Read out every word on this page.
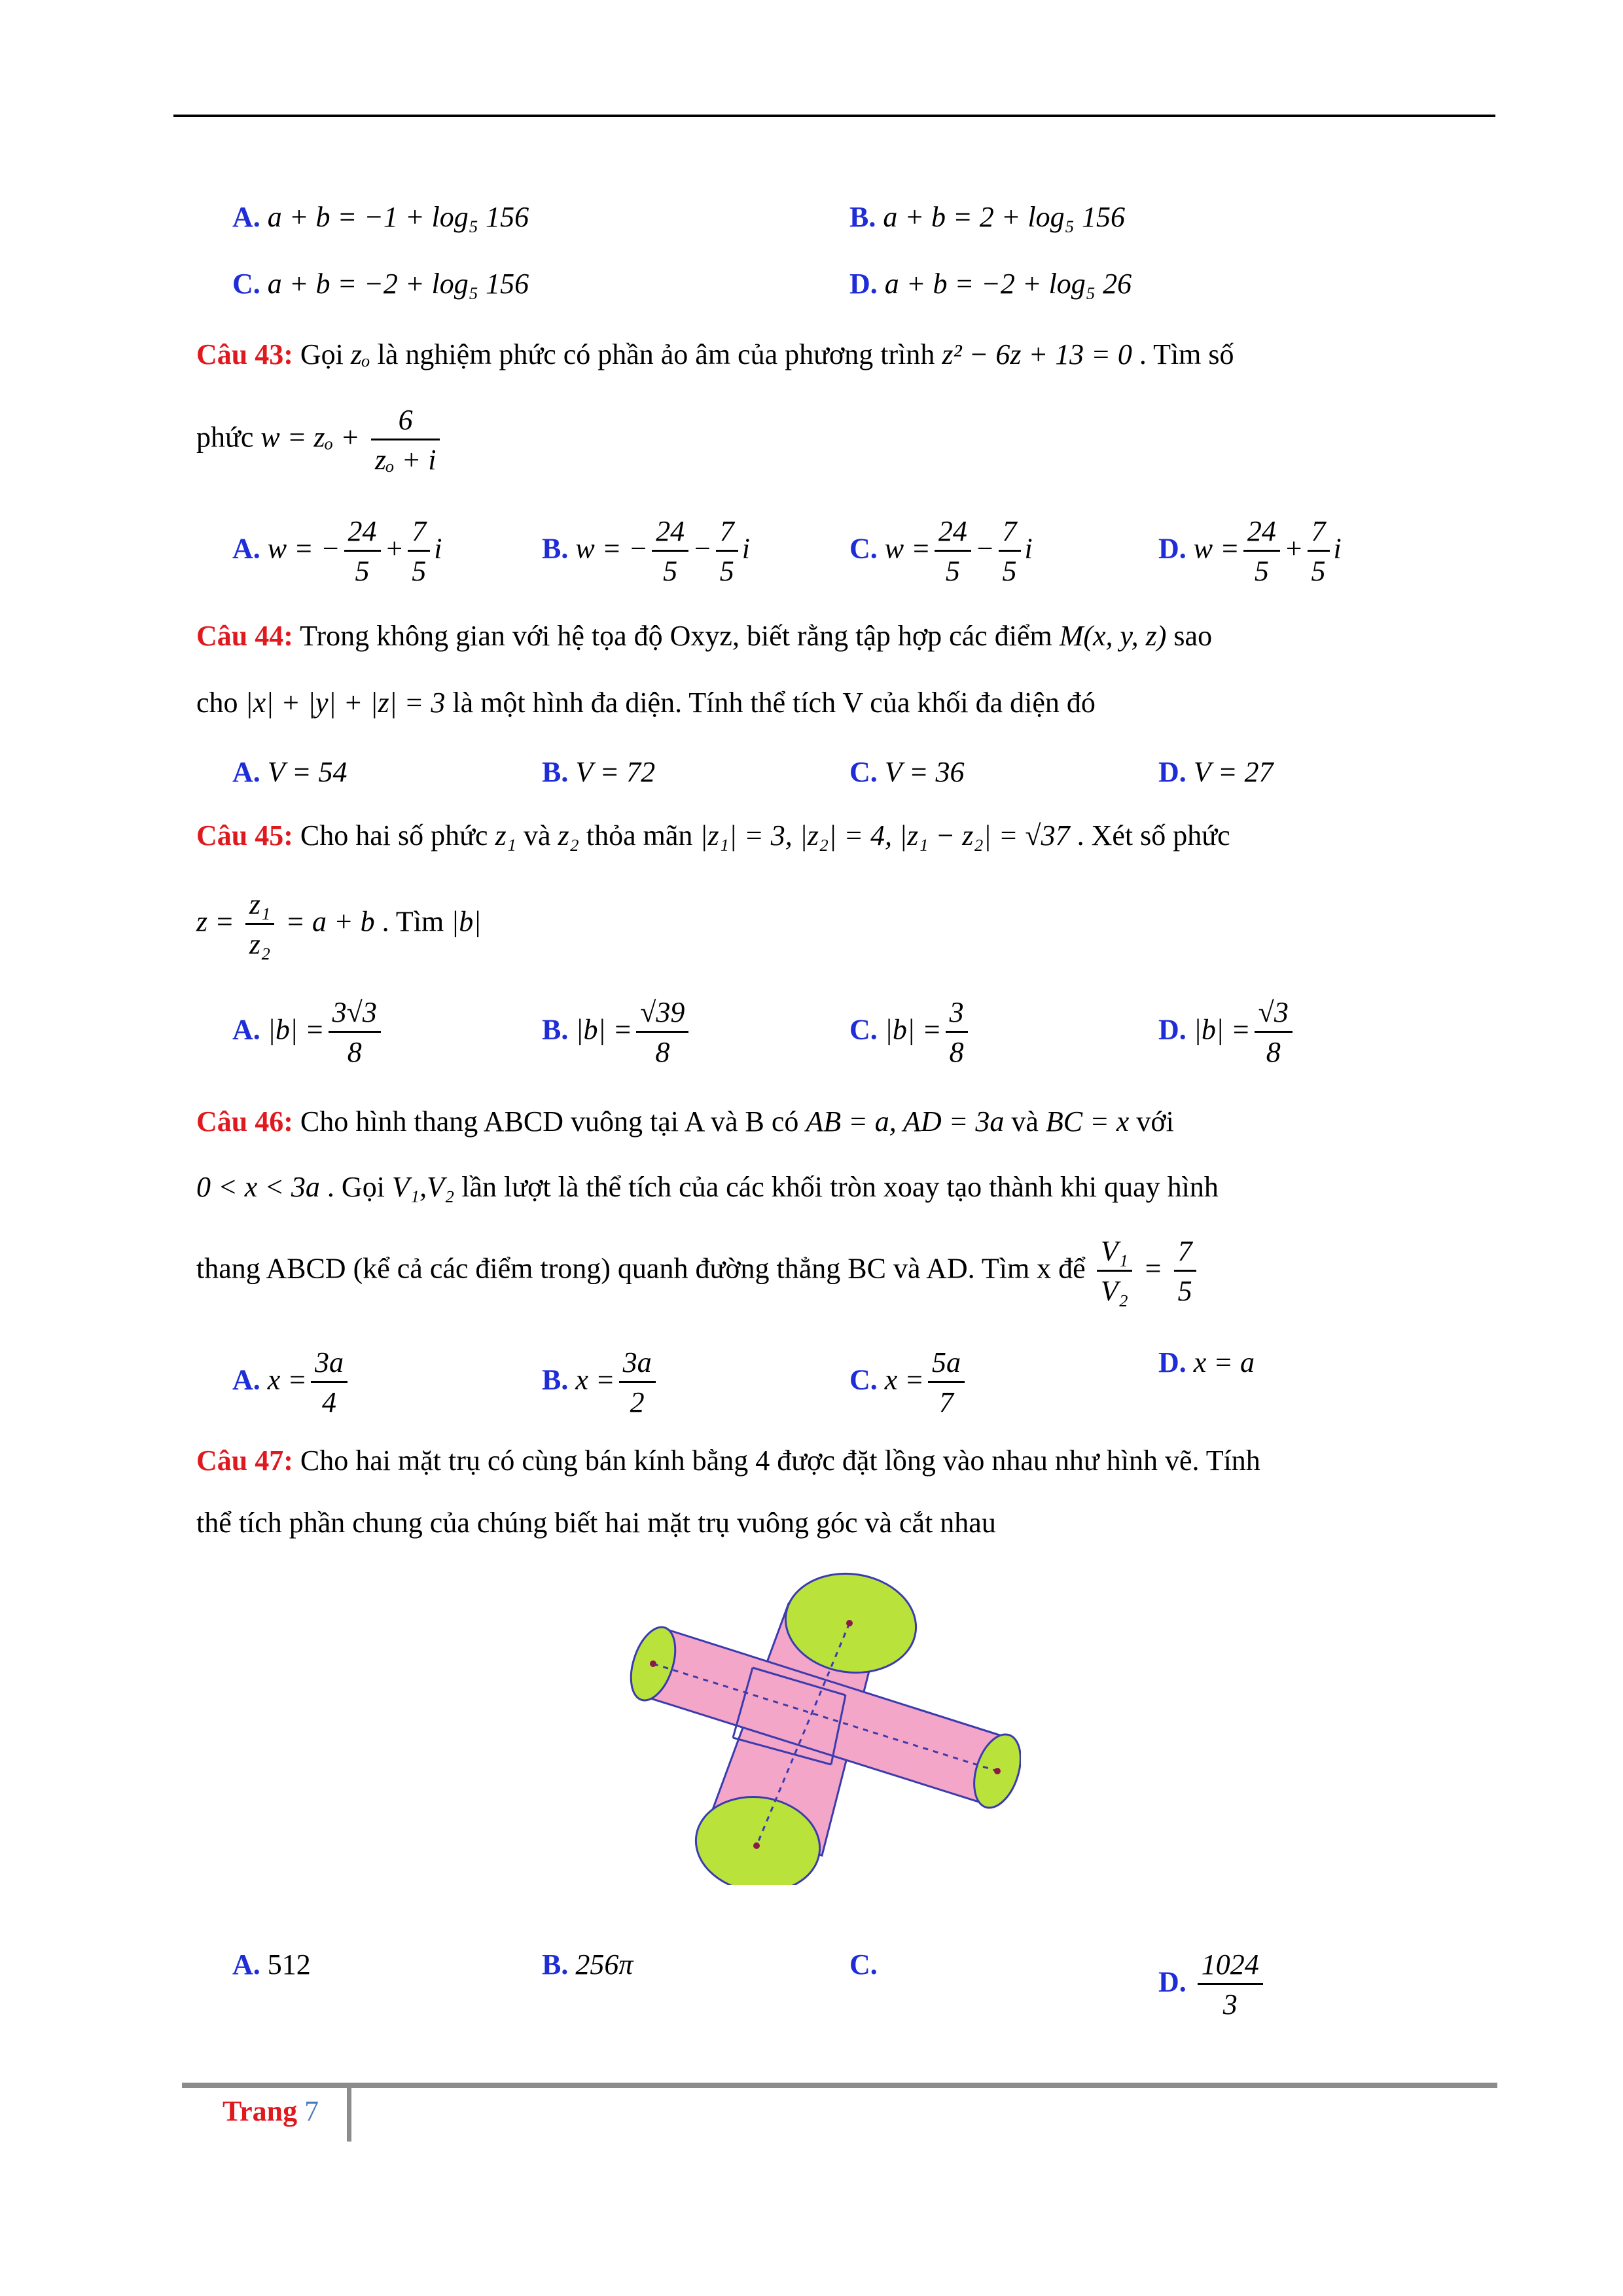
A. a + b = −1 + log₅ 156	B. a + b = 2 + log₅ 156
C. a + b = −2 + log₅ 156	D. a + b = −2 + log₅ 26
Câu 43: Gọi zₒ là nghiệm phức có phần ảo âm của phương trình z² − 6z + 13 = 0 . Tìm số
phức $w = z_o + \frac{6}{\text{zₒ + i}}$
A. w = − $\frac{24}{5} + \frac{7}{5}$ i	B. w = − $\frac{24}{5} - \frac{7}{5}$ i	C. $w = \frac{24}{5} - \frac{7}{5}$ i	D. $w = \frac{24}{5} + \frac{7}{5}$ i
Câu 44: Trong không gian với hệ tọa độ Oxyz, biết rằng tập hợp các điểm M(x, y, z) sao
cho |x| + |y| + |z| = 3 là một hình đa diện. Tính thể tích V của khối đa diện đó
A. V = 54	B. V = 72	C. V = 36	D. V = 27
Câu 45: Cho hai số phức z₁ và z₂ thỏa mãn |z₁| = 3, |z₂| = 4, |z₁ − z₂| = √37 . Xét số phức
$z = \frac{\text{z₁}}{\text{z₂}} = a + b$ . Tìm |b|
A. $|b| = \frac{3√3}{8}$	B. $|b| = \frac{√39}{8}$	C. $|b| = \frac{3}{8}$	D. $|b| = \frac{√3}{8}$
Câu 46: Cho hình thang ABCD vuông tại A và B có AB = a, AD = 3a và BC = x với
0 < x < 3a . Gọi V₁,V₂ lần lượt là thể tích của các khối tròn xoay tạo thành khi quay hình
thang ABCD (kể cả các điểm trong) quanh đường thẳng BC và AD. Tìm x để $\frac{\text{V₁}}{\text{V₂}} = \frac{7}{5}$
A. $x = \frac{3a}{4}$	B. $x = \frac{3a}{2}$	C. $x = \frac{5a}{7}$	D. x = a
Câu 47: Cho hai mặt trụ có cùng bán kính bằng 4 được đặt lồng vào nhau như hình vẽ. Tính
thể tích phần chung của chúng biết hai mặt trụ vuông góc và cắt nhau
A. 512	B. 256π	C.
D. $\frac{1024}{3}$
Trang 7
